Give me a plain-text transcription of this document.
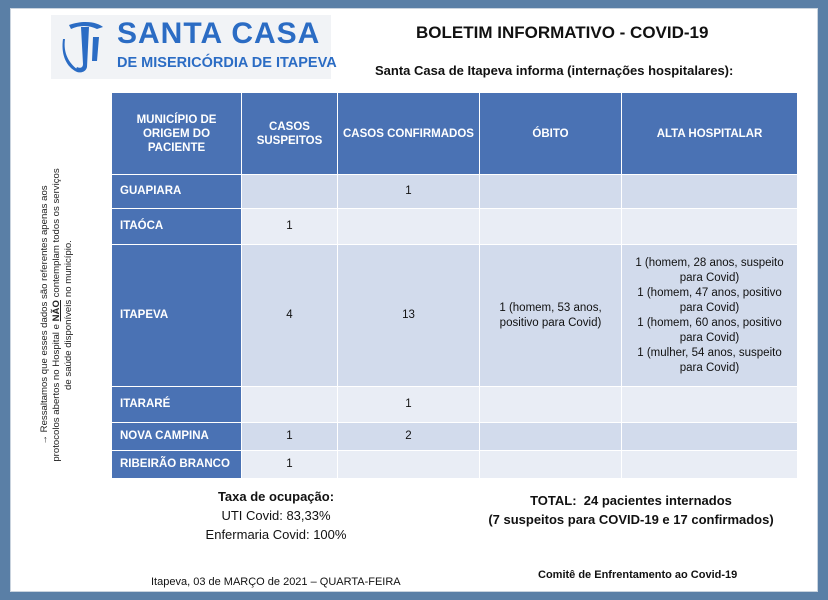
SANTA CASA
DE MISERICÓRDIA DE ITAPEVA
BOLETIM INFORMATIVO - COVID-19
Santa Casa de Itapeva informa (internações hospitalares):
→ Ressaltamos que esses dados são referentes apenas aos protocolos abertos no Hospital e NÃO contemplam todos os serviços de saúde disponíveis no município.
MUNICÍPIO DE ORIGEM DO PACIENTE	CASOS SUSPEITOS	CASOS CONFIRMADOS	ÓBITO	ALTA HOSPITALAR
GUAPIARA		1		
ITAÓCA	1			
ITAPEVA	4	13	1 (homem, 53 anos, positivo para Covid)	1 (homem, 28 anos, suspeito para Covid)
1 (homem, 47 anos, positivo para Covid)
1 (homem, 60 anos, positivo para Covid)
1 (mulher, 54 anos, suspeito para Covid)

ITARARÉ		1		
NOVA CAMPINA	1	2		
RIBEIRÃO BRANCO	1			
Taxa de ocupação:
UTI Covid: 83,33%
Enfermaria Covid: 100%
TOTAL:  24 pacientes internados
(7 suspeitos para COVID-19 e 17 confirmados)
Itapeva, 03 de MARÇO de 2021 – QUARTA-FEIRA
Comitê de Enfrentamento ao Covid-19
